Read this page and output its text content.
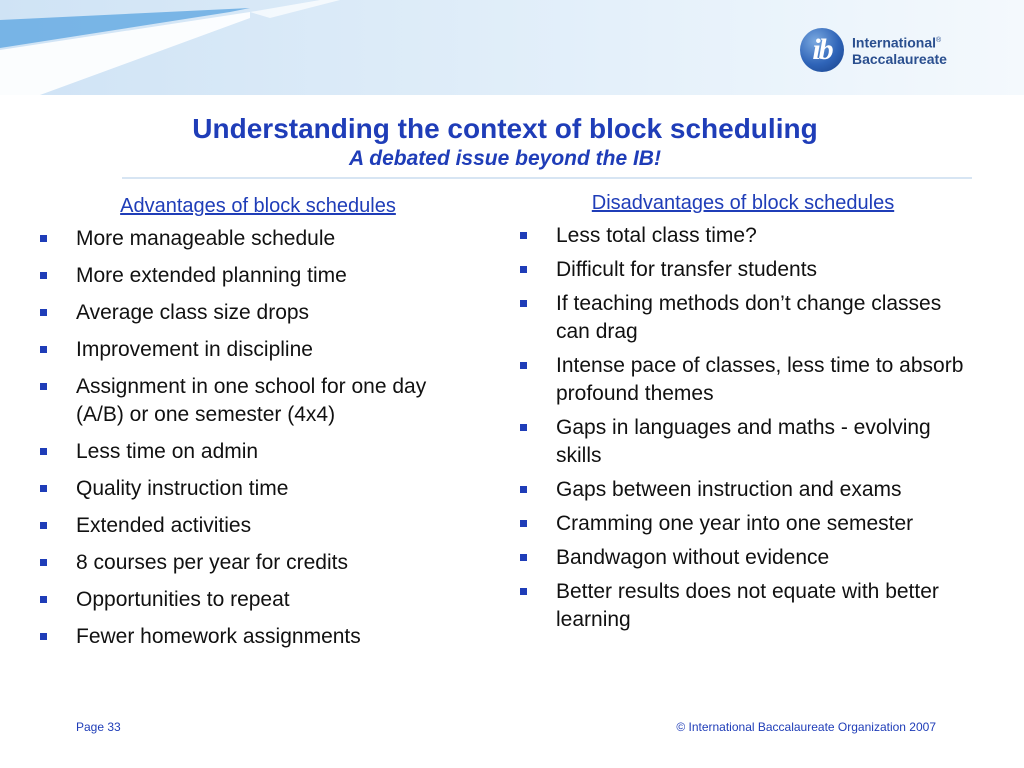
ib	International®
Baccalaureate
Understanding the context of block scheduling
A debated issue beyond the IB!
Advantages of block schedules
More manageable schedule
More extended planning time
Average class size drops
Improvement in discipline
Assignment in one school for one day (A/B) or one semester (4x4)
Less time on admin
Quality instruction time
Extended activities
8 courses per year for credits
Opportunities to repeat
Fewer homework assignments
Disadvantages of block schedules
Less total class time?
Difficult for transfer students
If teaching methods don’t change classes can drag
Intense pace of classes, less time to absorb profound themes
Gaps in languages and maths - evolving skills
Gaps between instruction and exams
Cramming one year into one semester
Bandwagon without evidence
Better results does not equate with better learning
Page 33	© International Baccalaureate Organization 2007
